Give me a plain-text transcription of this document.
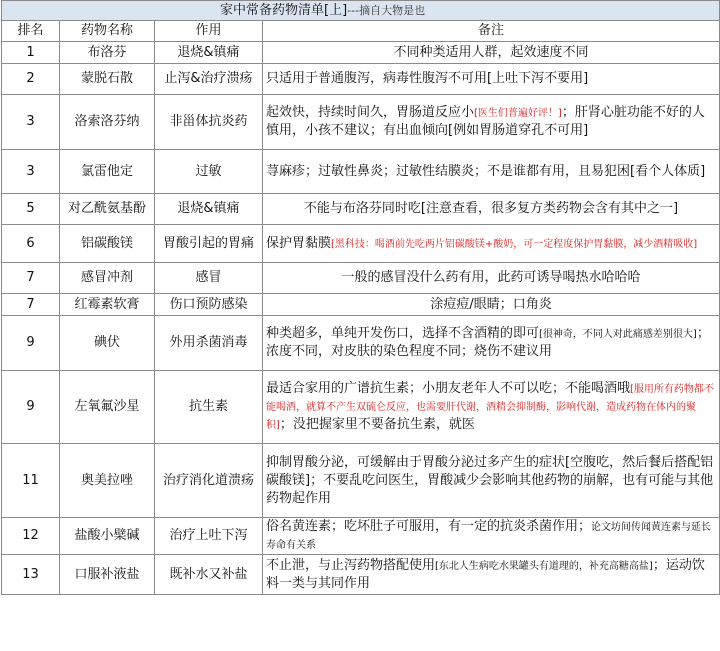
家中常备药物清单[上]---摘自大物是也			
排名	药物名称	作用	备注
1	布洛芬	退烧&镇痛	不同种类适用人群，起效速度不同
2	蒙脱石散	止泻&治疗溃疡	只适用于普通腹泻，病毒性腹泻不可用[上吐下泻不要用]
3	洛索洛芬纳	非甾体抗炎药	起效快，持续时间久，胃肠道反应小[医生们普遍好评！]；肝肾心脏功能不好的人慎用，小孩不建议；有出血倾向[例如胃肠道穿孔不可用]
3	氯雷他定	过敏	荨麻疹；过敏性鼻炎；过敏性结膜炎；不是谁都有用，且易犯困[看个人体质]
5	对乙酰氨基酚	退烧&镇痛	不能与布洛芬同时吃[注意查看，很多复方类药物会含有其中之一]
6	铝碳酸镁	胃酸引起的胃痛	保护胃黏膜[黑科技：喝酒前先吃两片铝碳酸镁+酸奶，可一定程度保护胃黏膜，减少酒精吸收]
7	感冒冲剂	感冒	一般的感冒没什么药有用，此药可诱导喝热水哈哈哈
7	红霉素软膏	伤口预防感染	涂痘痘/眼睛；口角炎
9	碘伏	外用杀菌消毒	种类超多，单纯开发伤口，选择不含酒精的即可[很神奇，不同人对此痛感差别很大]；浓度不同，对皮肤的染色程度不同；烧伤不建议用
9	左氧氟沙星	抗生素	最适合家用的广谱抗生素；小朋友老年人不可以吃；不能喝酒哦[服用所有药物都不能喝酒，就算不产生双硫仑反应，也需要肝代谢，酒精会抑制酶，影响代谢，造成药物在体内的聚积]；没把握家里不要备抗生素，就医
11	奥美拉唑	治疗消化道溃疡	抑制胃酸分泌，可缓解由于胃酸分泌过多产生的症状[空腹吃，然后餐后搭配铝碳酸镁]；不要乱吃问医生，胃酸减少会影响其他药物的崩解，也有可能与其他药物起作用
12	盐酸小檗碱	治疗上吐下泻	俗名黄连素；吃坏肚子可服用，有一定的抗炎杀菌作用；论文坊间传闻黄连素与延长寿命有关系
13	口服补液盐	既补水又补盐	不止泄，与止泻药物搭配使用[东北人生病吃水果罐头有道理的，补充高糖高盐]；运动饮料一类与其同作用
